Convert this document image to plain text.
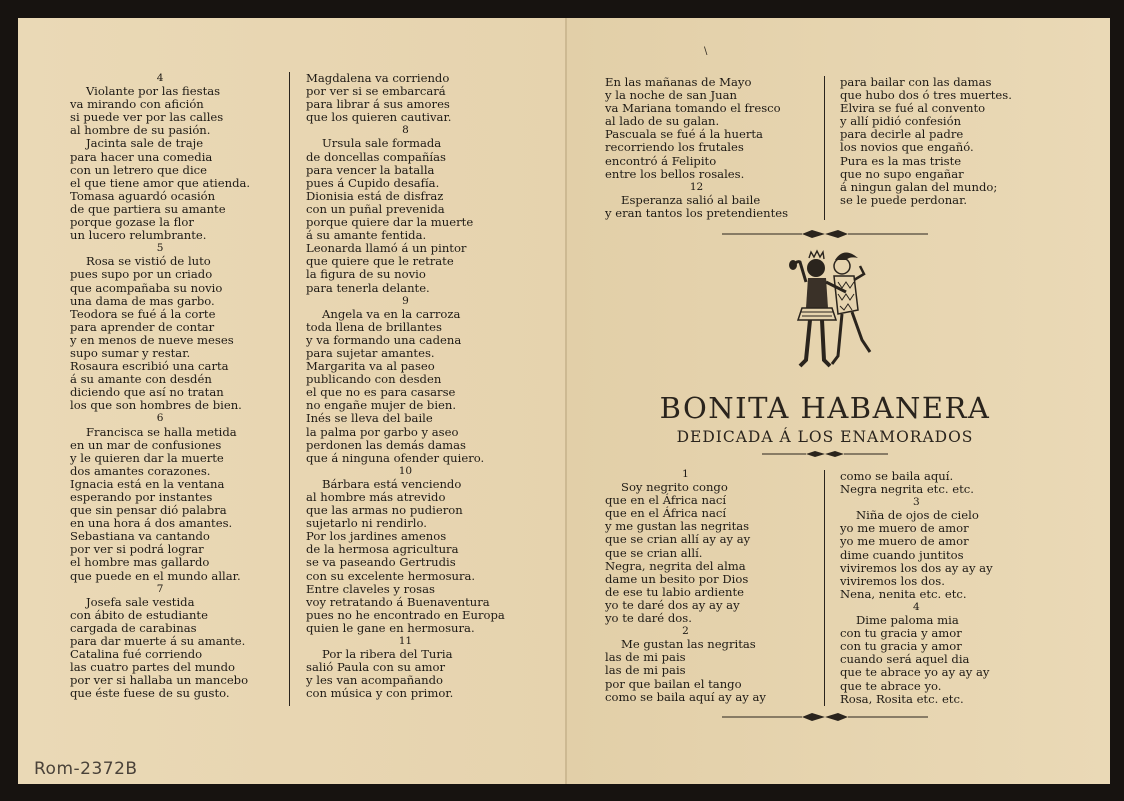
4
Violante por las fiestas
va mirando con afición
si puede ver por las calles
al hombre de su pasión.
Jacinta sale de traje
para hacer una comedia
con un letrero que dice
el que tiene amor que atienda.
Tomasa aguardó ocasión
de que partiera su amante
porque gozase la flor
un lucero relumbrante.
5
Rosa se vistió de luto
pues supo por un criado
que acompañaba su novio
una dama de mas garbo.
Teodora se fué á la corte
para aprender de contar
y en menos de nueve meses
supo sumar y restar.
Rosaura escribió una carta
á su amante con desdén
diciendo que así no tratan
los que son hombres de bien.
6
Francisca se halla metida
en un mar de confusiones
y le quieren dar la muerte
dos amantes corazones.
Ignacia está en la ventana
esperando por instantes
que sin pensar dió palabra
en una hora á dos amantes.
Sebastiana va cantando
por ver si podrá lograr
el hombre mas gallardo
que puede en el mundo allar.
7
Josefa sale vestida
con ábito de estudiante
cargada de carabinas
para dar muerte á su amante.
Catalina fué corriendo
las cuatro partes del mundo
por ver si hallaba un mancebo
que éste fuese de su gusto.
Magdalena va corriendo
por ver si se embarcará
para librar á sus amores
que los quieren cautivar.
8
Ursula sale formada
de doncellas compañías
para vencer la batalla
pues á Cupido desafía.
Dionisia está de disfraz
con un puñal prevenida
porque quiere dar la muerte
á su amante fentida.
Leonarda llamó á un pintor
que quiere que le retrate
la figura de su novio
para tenerla delante.
9
Angela va en la carroza
toda llena de brillantes
y va formando una cadena
para sujetar amantes.
Margarita va al paseo
publicando con desden
el que no es para casarse
no engañe mujer de bien.
Inés se lleva del baile
la palma por garbo y aseo
perdonen las demás damas
que á ninguna ofender quiero.
10
Bárbara está venciendo
al hombre más atrevido
que las armas no pudieron
sujetarlo ni rendirlo.
Por los jardines amenos
de la hermosa agricultura
se va paseando Gertrudis
con su excelente hermosura.
Entre claveles y rosas
voy retratando á Buenaventura
pues no he encontrado en Europa
quien le gane en hermosura.
11
Por la ribera del Turia
salió Paula con su amor
y les van acompañando
con música y con primor.
\
En las mañanas de Mayo
y la noche de san Juan
va Mariana tomando el fresco
al lado de su galan.
Pascuala se fué á la huerta
recorriendo los frutales
encontró á Felipito
entre los bellos rosales.
12
Esperanza salió al baile
y eran tantos los pretendientes
para bailar con las damas
que hubo dos ó tres muertes.
Elvira se fué al convento
y allí pidió confesión
para decirle al padre
los novios que engañó.
Pura es la mas triste
que no supo engañar
á ningun galan del mundo;
se le puede perdonar.
BONITA HABANERA
DEDICADA Á LOS ENAMORADOS
1
Soy negrito congo
que en el África nací
que en el África nací
y me gustan las negritas
que se crian allí ay ay ay
que se crian allí.
Negra, negrita del alma
dame un besito por Dios
de ese tu labio ardiente
yo te daré dos ay ay ay
yo te daré dos.
2
Me gustan las negritas
las de mi pais
las de mi pais
por que bailan el tango
como se baila aquí ay ay ay
como se baila aquí.
Negra negrita etc. etc.
3
Niña de ojos de cielo
yo me muero de amor
yo me muero de amor
dime cuando juntitos
viviremos los dos ay ay ay
viviremos los dos.
Nena, nenita etc. etc.
4
Dime paloma mia
con tu gracia y amor
con tu gracia y amor
cuando será aquel dia
que te abrace yo ay ay ay
que te abrace yo.
Rosa, Rosita etc. etc.
Rom-2372B
